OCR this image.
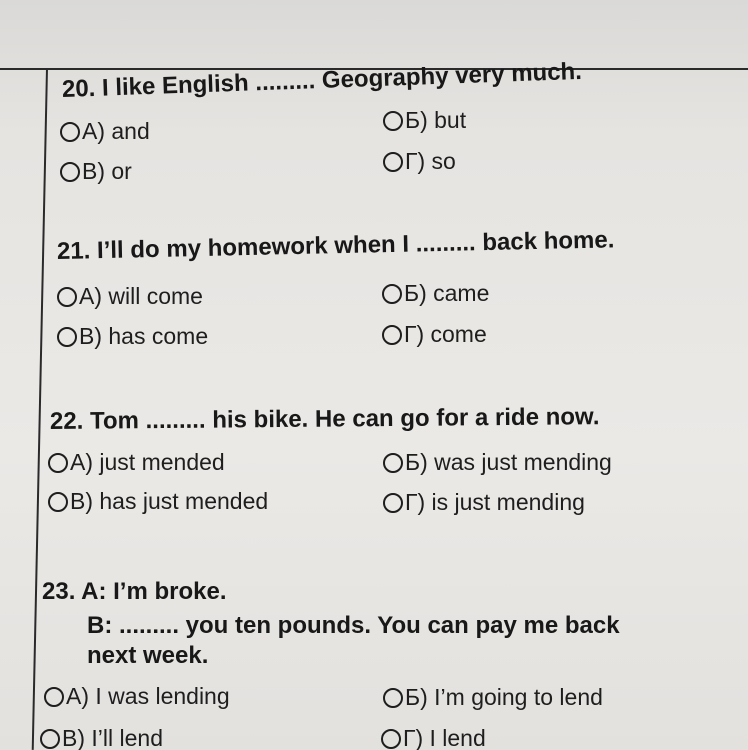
20. I like English ......... Geography very much.
A) and	Б) but
B) or	Г) so
21. I’ll do my homework when I ......... back home.
A) will come	Б) came
B) has come	Г) come
22. Tom ......... his bike. He can go for a ride now.
A) just mended	Б) was just mending
B) has just mended	Г) is just mending
23. A: I’m broke.
B: ......... you ten pounds. You can pay me back
next week.
A) I was lending	Б) I’m going to lend
B) I’ll lend	Г) I lend
